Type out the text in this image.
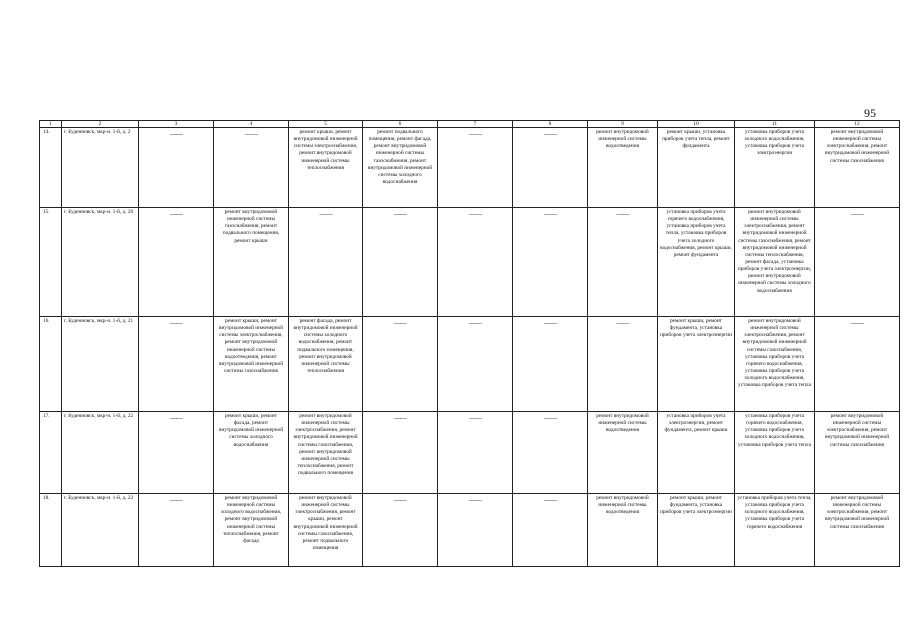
95
1	2	3	4	5	6	7	8	9	10	11	12
14.	г. Буденновск, мкр-н. 1-й, д. 2	——	——	ремонт крыши, ремонт внутридомовой инженерной системы электроснабжения, ремонт внутридомовой инженерной системы теплоснабжения	ремонт подвального помещения, ремонт фасада, ремонт внутридомовой инженерной системы газоснабжения, ремонт внутридомовой инженерной системы холодного водоснабжения	——	——	ремонт внутридомовой инженерной системы водоотведения	ремонт крыши, установка приборов учета тепла, ремонт фундамента	установка приборов учета холодного водоснабжения, установка приборов учета электроэнергии	ремонт внутридомовой инженерной системы электроснабжения, ремонт внутридомовой инженерной системы газоснабжения
15.	г. Буденновск, мкр-н. 1-й, д. 20	——	ремонт внутридомовой инженерной системы газоснабжения, ремонт подвального помещения, ремонт крыши	——	——	——	——	——	установка приборов учета горячего водоснабжения, установка приборов учета тепла, установка приборов учета холодного водоснабжения, ремонт крыши, ремонт фундамента	ремонт внутридомовой инженерной системы электроснабжения, ремонт внутридомовой инженерной системы газоснабжения, ремонт внутридомовой инженерной системы теплоснабжения, ремонт фасада, установка приборов учета электроэнергии, ремонт внутридомовой инженерной системы холодного водоснабжения	——

16.	г. Буденновск, мкр-н. 1-й, д. 21	——	ремонт крыши, ремонт внутридомовой инженерной системы электроснабжения, ремонт внутридомовой инженерной системы водоотведения, ремонт внутридомовой инженерной системы газоснабжения	ремонт фасада, ремонт внутридомовой инженерной системы холодного водоснабжения, ремонт подвального помещения, ремонт внутридомовой инженерной системы теплоснабжения	——	——	——	——	ремонт крыши, ремонт фундамента, установка приборов учета электроэнергии	ремонт внутридомовой инженерной системы электроснабжения, ремонт внутридомовой инженерной системы газоснабжения, установка приборов учета горячего водоснабжения, установка приборов учета холодного водоснабжения, установка приборов учета тепла	——

17.	г. Буденновск, мкр-н. 1-й, д. 22	——	ремонт крыши, ремонт фасада, ремонт внутридомовой инженерной системы холодного водоснабжения	ремонт внутридомовой инженерной системы электроснабжения, ремонт внутридомовой инженерной системы газоснабжения, ремонт внутридомовой инженерной системы теплоснабжения, ремонт подвального помещения	——	——	——	ремонт внутридомовой инженерной системы водоотведения	установка приборов учета электроэнергии, ремонт фундамента, ремонт крыши	установка приборов учета горячего водоснабжения, установка приборов учета холодного водоснабжения, установка приборов учета тепла	ремонт внутридомовой инженерной системы электроснабжения, ремонт внутридомовой инженерной системы газоснабжения
18.	г. Буденновск, мкр-н. 1-й, д. 23	——	ремонт внутридомовой инженерной системы холодного водоснабжения, ремонт внутридомовой инженерной системы теплоснабжения, ремонт фасада	ремонт внутридомовой инженерной системы электроснабжения, ремонт крыши, ремонт внутридомовой инженерной системы газоснабжения, ремонт подвального помещения	——	——	——	ремонт внутридомовой инженерной системы водоотведения	ремонт крыши, ремонт фундамента, установка приборов учета электроэнергии	установка приборов учета тепла, установка приборов учета холодного водоснабжения, установка приборов учета горячего водоснабжения	ремонт внутридомовой инженерной системы электроснабжения, ремонт внутридомовой инженерной системы газоснабжения
